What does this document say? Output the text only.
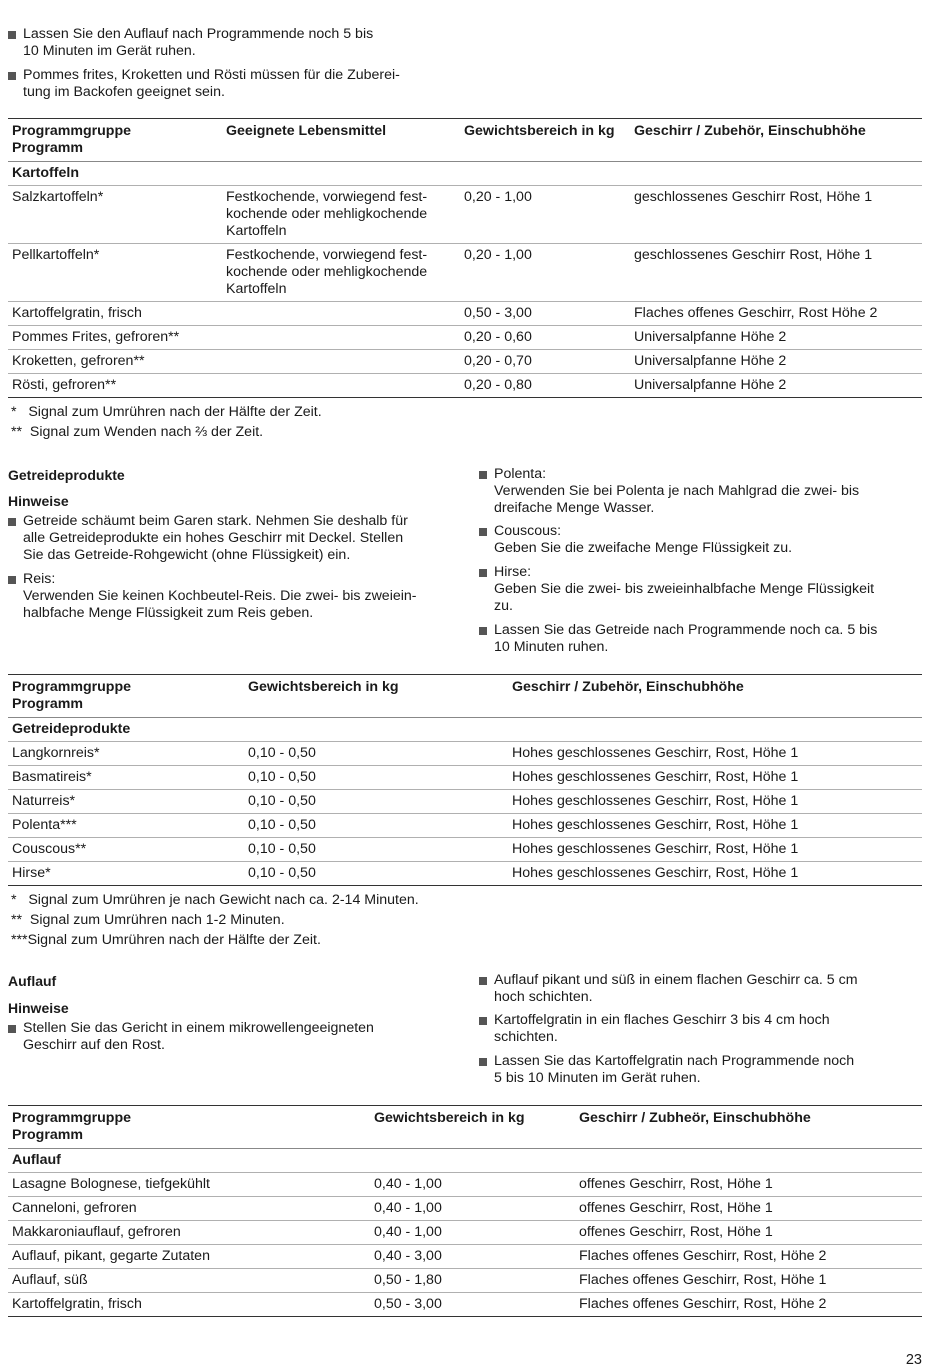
Lassen Sie den Auflauf nach Programmende noch 5 bis
10 Minuten im Gerät ruhen.
Pommes frites, Kroketten und Rösti müssen für die Zuberei-
tung im Backofen geeignet sein.
Programmgruppe
Programm	Geeignete Lebensmittel	Gewichtsbereich in kg	Geschirr / Zubehör, Einschubhöhe
Kartoffeln			
Salzkartoffeln*	Festkochende, vorwiegend fest-
kochende oder mehligkochende
Kartoffeln	0,20 - 1,00	geschlossenes Geschirr Rost, Höhe 1
Pellkartoffeln*	Festkochende, vorwiegend fest-
kochende oder mehligkochende
Kartoffeln	0,20 - 1,00	geschlossenes Geschirr Rost, Höhe 1
Kartoffelgratin, frisch		0,50 - 3,00	Flaches offenes Geschirr, Rost Höhe 2
Pommes Frites, gefroren**		0,20 - 0,60	Universalpfanne Höhe 2
Kroketten, gefroren**		0,20 - 0,70	Universalpfanne Höhe 2
Rösti, gefroren**		0,20 - 0,80	Universalpfanne Höhe 2
*   Signal zum Umrühren nach der Hälfte der Zeit.
**  Signal zum Wenden nach ⅔ der Zeit.
Getreideprodukte
Hinweise
Getreide schäumt beim Garen stark. Nehmen Sie deshalb für
alle Getreideprodukte ein hohes Geschirr mit Deckel. Stellen
Sie das Getreide-Rohgewicht (ohne Flüssigkeit) ein.
Reis:
Verwenden Sie keinen Kochbeutel-Reis. Die zwei- bis zweiein-
halbfache Menge Flüssigkeit zum Reis geben.
Polenta:
Verwenden Sie bei Polenta je nach Mahlgrad die zwei- bis
dreifache Menge Wasser.
Couscous:
Geben Sie die zweifache Menge Flüssigkeit zu.
Hirse:
Geben Sie die zwei- bis zweieinhalbfache Menge Flüssigkeit
zu.
Lassen Sie das Getreide nach Programmende noch ca. 5 bis
10 Minuten ruhen.
Programmgruppe
Programm	Gewichtsbereich in kg	Geschirr / Zubehör, Einschubhöhe
Getreideprodukte		
Langkornreis*	0,10 - 0,50	Hohes geschlossenes Geschirr, Rost, Höhe 1
Basmatireis*	0,10 - 0,50	Hohes geschlossenes Geschirr, Rost, Höhe 1
Naturreis*	0,10 - 0,50	Hohes geschlossenes Geschirr, Rost, Höhe 1
Polenta***	0,10 - 0,50	Hohes geschlossenes Geschirr, Rost, Höhe 1
Couscous**	0,10 - 0,50	Hohes geschlossenes Geschirr, Rost, Höhe 1
Hirse*	0,10 - 0,50	Hohes geschlossenes Geschirr, Rost, Höhe 1
*   Signal zum Umrühren je nach Gewicht nach ca. 2-14 Minuten.
**  Signal zum Umrühren nach 1-2 Minuten.
***Signal zum Umrühren nach der Hälfte der Zeit.
Auflauf
Hinweise
Stellen Sie das Gericht in einem mikrowellengeeigneten
Geschirr auf den Rost.
Auflauf pikant und süß in einem flachen Geschirr ca. 5 cm
hoch schichten.
Kartoffelgratin in ein flaches Geschirr 3 bis 4 cm hoch
schichten.
Lassen Sie das Kartoffelgratin nach Programmende noch
5 bis 10 Minuten im Gerät ruhen.
Programmgruppe
Programm	Gewichtsbereich in kg	Geschirr / Zubheör, Einschubhöhe
Auflauf		
Lasagne Bolognese, tiefgekühlt	0,40 - 1,00	offenes Geschirr, Rost, Höhe 1
Canneloni, gefroren	0,40 - 1,00	offenes Geschirr, Rost, Höhe 1
Makkaroniauflauf, gefroren	0,40 - 1,00	offenes Geschirr, Rost, Höhe 1
Auflauf, pikant, gegarte Zutaten	0,40 - 3,00	Flaches offenes Geschirr, Rost, Höhe 2
Auflauf, süß	0,50 - 1,80	Flaches offenes Geschirr, Rost, Höhe 1
Kartoffelgratin, frisch	0,50 - 3,00	Flaches offenes Geschirr, Rost, Höhe 2
23
